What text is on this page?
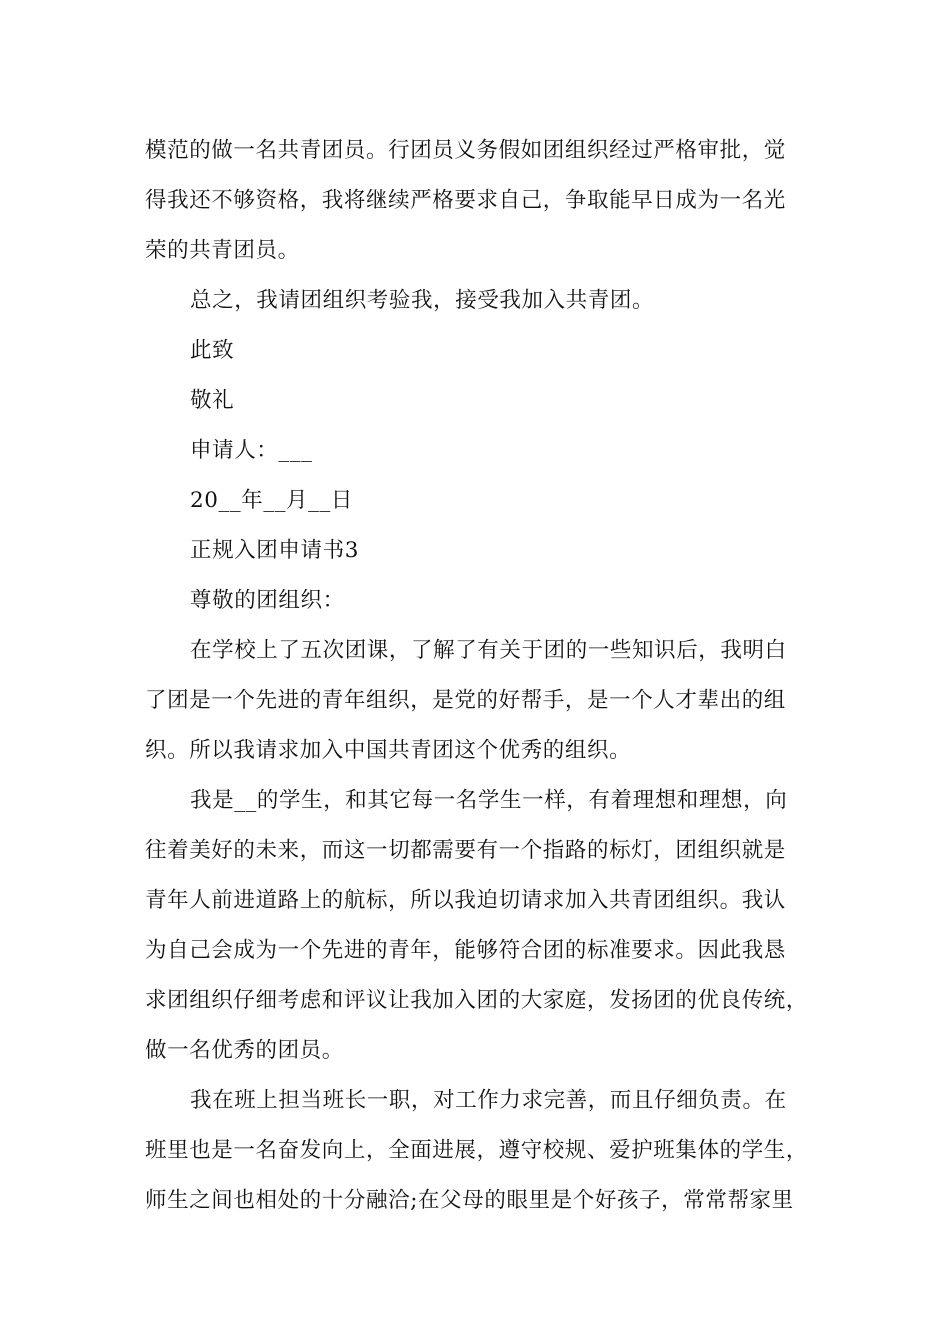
模范的做一名共青团员。行团员义务假如团组织经过严格审批，觉
得我还不够资格，我将继续严格要求自己，争取能早日成为一名光
荣的共青团员。
总之，我请团组织考验我，接受我加入共青团。
此致
敬礼
申请人：___
20__年__月__日
正规入团申请书3
尊敬的团组织：
在学校上了五次团课，了解了有关于团的一些知识后，我明白
了团是一个先进的青年组织，是党的好帮手，是一个人才辈出的组
织。所以我请求加入中国共青团这个优秀的组织。
我是__的学生，和其它每一名学生一样，有着理想和理想，向
往着美好的未来，而这一切都需要有一个指路的标灯，团组织就是
青年人前进道路上的航标，所以我迫切请求加入共青团组织。我认
为自己会成为一个先进的青年，能够符合团的标准要求。因此我恳
求团组织仔细考虑和评议让我加入团的大家庭，发扬团的优良传统，
做一名优秀的团员。
我在班上担当班长一职，对工作力求完善，而且仔细负责。在
班里也是一名奋发向上，全面进展，遵守校规、爱护班集体的学生，
师生之间也相处的十分融洽;在父母的眼里是个好孩子，常常帮家里
